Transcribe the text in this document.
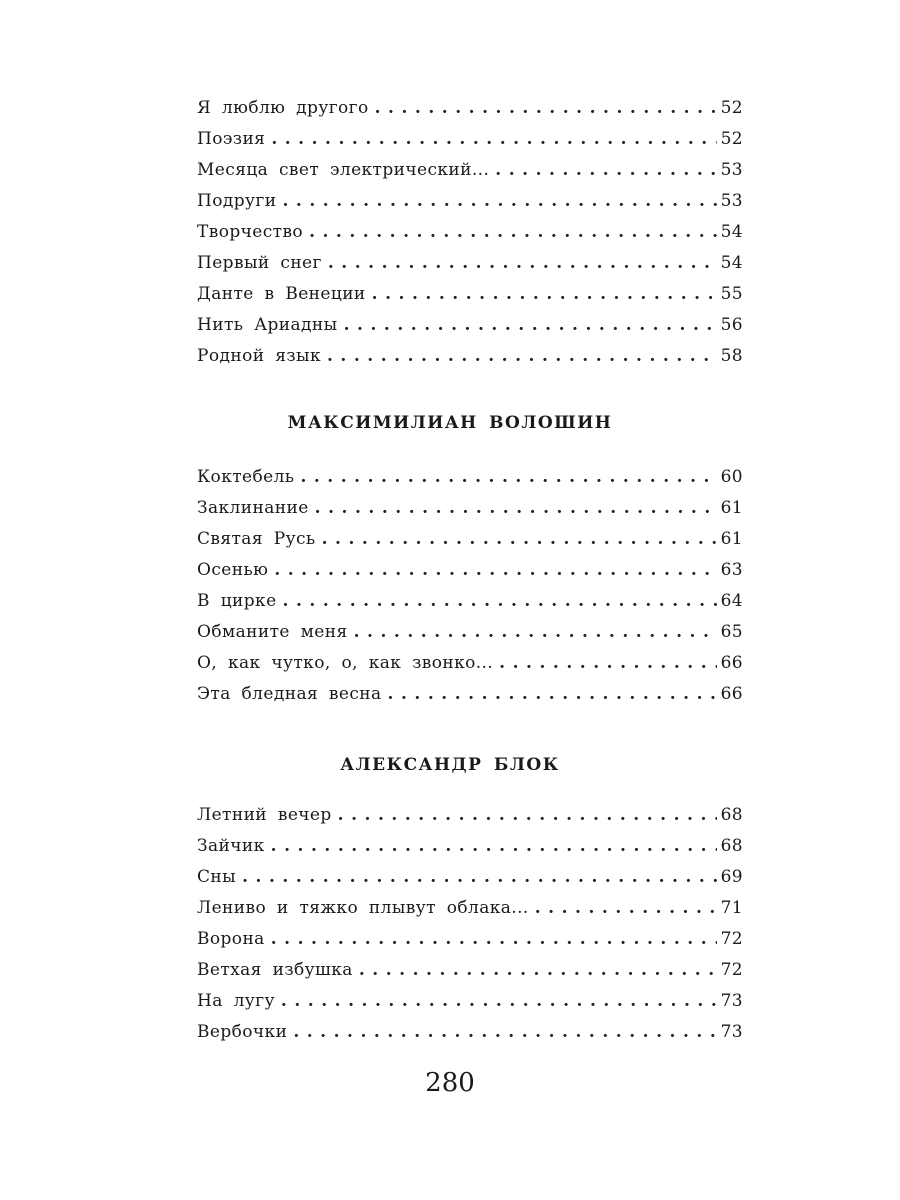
Я люблю другого . . .	52
Поэзия . . .	52
Месяца свет электрический... . . .	53
Подруги . . .	53
Творчество . . .	54
Первый снег . . .	54
Данте в Венеции . . .	55
Нить Ариадны . . .	56
Родной язык . . .	58
МАКСИМИЛИАН ВОЛОШИН
Коктебель . . .	60
Заклинание . . .	61
Святая Русь . . .	61
Осенью . . .	63
В цирке . . .	64
Обманите меня . . .	65
О, как чутко, о, как звонко... . . .	66
Эта бледная весна . . .	66
АЛЕКСАНДР БЛОК
Летний вечер . . .	68
Зайчик . . .	68
Сны . . .	69
Лениво и тяжко плывут облака... . . .	71
Ворона . . .	72
Ветхая избушка . . .	72
На лугу . . .	73
Вербочки . . .	73
280
